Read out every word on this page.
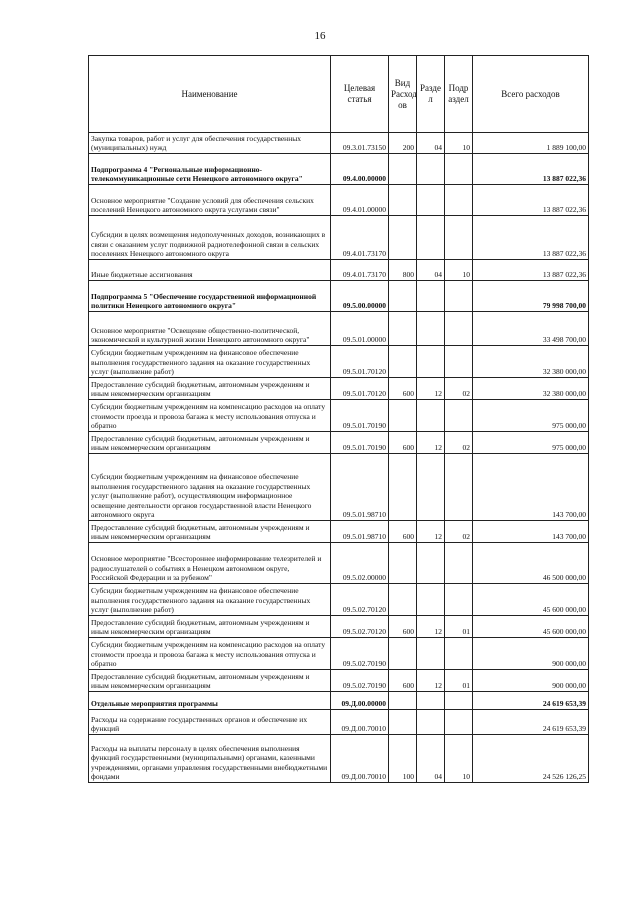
16
Наименование	Целевая статья	Вид Расход ов	Разде л	Подр аздел	Всего расходов
Закупка товаров, работ и услуг для обеспечения государственных (муниципальных) нужд	09.3.01.73150	200	04	10	1 889 100,00
Подпрограмма 4 "Региональные информационно-телекоммуникационные сети Ненецкого автономного округа"	09.4.00.00000				13 887 022,36
Основное мероприятие "Создание условий для обеспечения сельских поселений Ненецкого автономного округа услугами связи"	09.4.01.00000				13 887 022,36
Субсидии в целях возмещения недополученных доходов, возникающих в связи с оказанием услуг подвижной радиотелефонной связи в сельских поселениях Ненецкого автономного округа	09.4.01.73170				13 887 022,36
Иные бюджетные ассигнования	09.4.01.73170	800	04	10	13 887 022,36
Подпрограмма 5 "Обеспечение государственной информационной политики Ненецкого автономного округа"	09.5.00.00000				79 998 700,00
Основное мероприятие "Освещение общественно-политической, экономической и культурной жизни Ненецкого автономного округа"	09.5.01.00000				33 498 700,00
Субсидии бюджетным учреждениям на финансовое обеспечение выполнения государственного задания на оказание государственных услуг (выполнение работ)	09.5.01.70120				32 380 000,00
Предоставление субсидий бюджетным, автономным учреждениям и иным некоммерческим организациям	09.5.01.70120	600	12	02	32 380 000,00
Субсидии бюджетным учреждениям на компенсацию расходов на оплату стоимости проезда и провоза багажа к месту использования отпуска и обратно	09.5.01.70190				975 000,00
Предоставление субсидий бюджетным, автономным учреждениям и иным некоммерческим организациям	09.5.01.70190	600	12	02	975 000,00
Субсидии бюджетным учреждениям на финансовое обеспечение выполнения государственного задания на оказание государственных услуг (выполнение работ), осуществляющим информационное освещение деятельности органов государственной власти Ненецкого автономного округа	09.5.01.98710				143 700,00
Предоставление субсидий бюджетным, автономным учреждениям и иным некоммерческим организациям	09.5.01.98710	600	12	02	143 700,00
Основное мероприятие "Всестороннее информирование телезрителей и радиослушателей о событиях в Ненецком автономном округе, Российской Федерации и за рубежом"	09.5.02.00000				46 500 000,00
Субсидии бюджетным учреждениям на финансовое обеспечение выполнения государственного задания на оказание государственных услуг (выполнение работ)	09.5.02.70120				45 600 000,00
Предоставление субсидий бюджетным, автономным учреждениям и иным некоммерческим организациям	09.5.02.70120	600	12	01	45 600 000,00
Субсидии бюджетным учреждениям на компенсацию расходов на оплату стоимости проезда и провоза багажа к месту использования отпуска и обратно	09.5.02.70190				900 000,00
Предоставление субсидий бюджетным, автономным учреждениям и иным некоммерческим организациям	09.5.02.70190	600	12	01	900 000,00
Отдельные мероприятия программы	09.Д.00.00000				24 619 653,39
Расходы на содержание государственных органов и обеспечение их функций	09.Д.00.70010				24 619 653,39
Расходы на выплаты персоналу в целях обеспечения выполнения функций государственными (муниципальными) органами, казенными учреждениями, органами управления государственными внебюджетными фондами	09.Д.00.70010	100	04	10	24 526 126,25
